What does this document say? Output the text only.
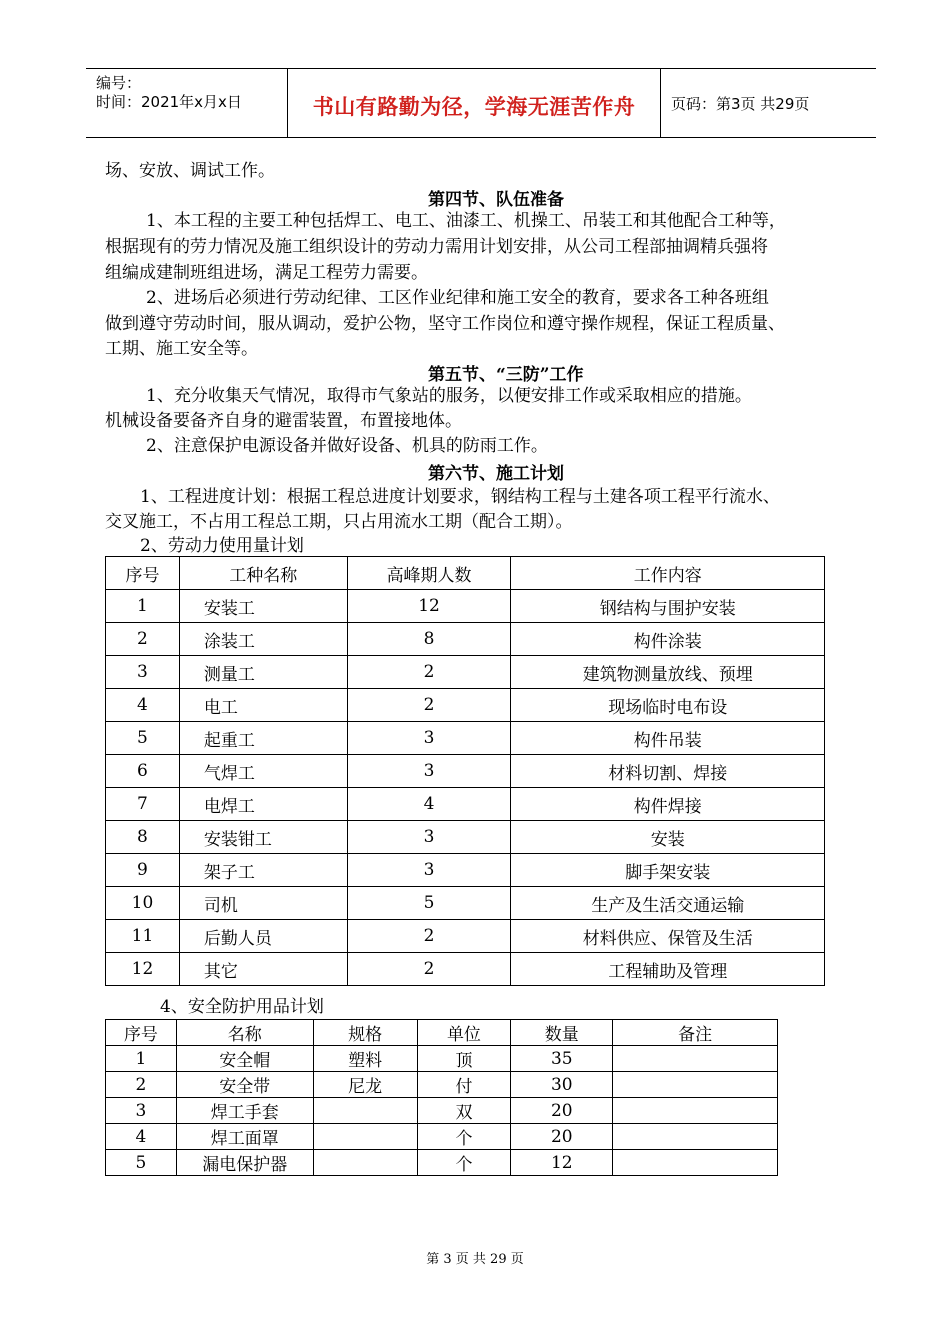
编号：
时间：2021年x月x日	书山有路勤为径，学海无涯苦作舟	页码：第3页 共29页
场、安放、调试工作。
第四节、队伍准备
1、本工程的主要工种包括焊工、电工、油漆工、机操工、吊装工和其他配合工种等，
根据现有的劳力情况及施工组织设计的劳动力需用计划安排，从公司工程部抽调精兵强将
组编成建制班组进场，满足工程劳力需要。
2、进场后必须进行劳动纪律、工区作业纪律和施工安全的教育，要求各工种各班组
做到遵守劳动时间，服从调动，爱护公物，坚守工作岗位和遵守操作规程，保证工程质量、
工期、施工安全等。
第五节、“三防”工作
1、充分收集天气情况，取得市气象站的服务，以便安排工作或采取相应的措施。
机械设备要备齐自身的避雷装置，布置接地体。
2、注意保护电源设备并做好设备、机具的防雨工作。
第六节、施工计划
1、工程进度计划：根据工程总进度计划要求，钢结构工程与土建各项工程平行流水、
交叉施工，不占用工程总工期，只占用流水工期（配合工期）。
2、劳动力使用量计划
序号	工种名称	高峰期人数	工作内容
1	安装工	12	钢结构与围护安装
2	涂装工	8	构件涂装
3	测量工	2	建筑物测量放线、预埋
4	电工	2	现场临时电布设
5	起重工	3	构件吊装
6	气焊工	3	材料切割、焊接
7	电焊工	4	构件焊接
8	安装钳工	3	安装
9	架子工	3	脚手架安装
10	司机	5	生产及生活交通运输
11	后勤人员	2	材料供应、保管及生活
12	其它	2	工程辅助及管理
4、安全防护用品计划
序号	名称	规格	单位	数量	备注
1	安全帽	塑料	顶	35	
2	安全带	尼龙	付	30	
3	焊工手套		双	20	
4	焊工面罩		个	20	
5	漏电保护器		个	12	
第 3 页 共 29 页
